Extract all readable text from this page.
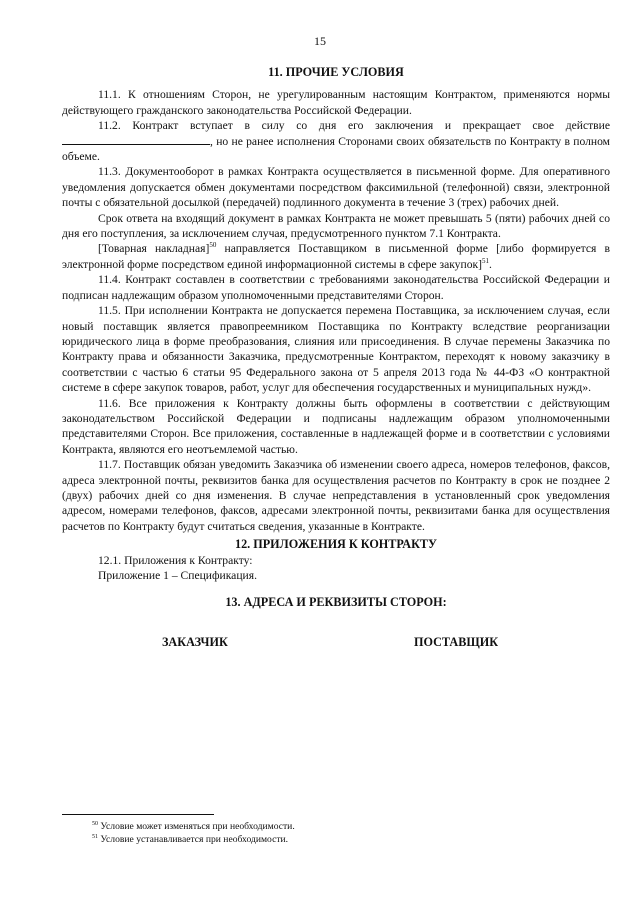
15
11. ПРОЧИЕ УСЛОВИЯ

11.1. К отношениям Сторон, не урегулированным настоящим Контрактом, применяются нормы действующего гражданского законодательства Российской Федерации.

11.2. Контракт вступает в силу со дня его заключения и прекращает свое действие , но не ранее исполнения Сторонами своих обязательств по Контракту в полном объеме.

11.3. Документооборот в рамках Контракта осуществляется в письменной форме. Для оперативного уведомления допускается обмен документами посредством факсимильной (телефонной) связи, электронной почты с обязательной досылкой (передачей) подлинного документа в течение 3 (трех) рабочих дней.

Срок ответа на входящий документ в рамках Контракта не может превышать 5 (пяти) рабочих дней со дня его поступления, за исключением случая, предусмотренного пунктом 7.1 Контракта.

[Товарная накладная]$^{50}$ направляется Поставщиком в письменной форме [либо формируется в электронной форме посредством единой информационной системы в сфере закупок]$^{51}$.

11.4. Контракт составлен в соответствии с требованиями законодательства Российской Федерации и подписан надлежащим образом уполномоченными представителями Сторон.

11.5. При исполнении Контракта не допускается перемена Поставщика, за исключением случая, если новый поставщик является правопреемником Поставщика по Контракту вследствие реорганизации юридического лица в форме преобразования, слияния или присоединения. В случае перемены Заказчика по Контракту права и обязанности Заказчика, предусмотренные Контрактом, переходят к новому заказчику в соответствии с частью 6 статьи 95 Федерального закона от 5 апреля 2013 года № 44-ФЗ «О контрактной системе в сфере закупок товаров, работ, услуг для обеспечения государственных и муниципальных нужд».

11.6. Все приложения к Контракту должны быть оформлены в соответствии с действующим законодательством Российской Федерации и подписаны надлежащим образом уполномоченными представителями Сторон. Все приложения, составленные в надлежащей форме и в соответствии с условиями Контракта, являются его неотъемлемой частью.

11.7. Поставщик обязан уведомить Заказчика об изменении своего адреса, номеров телефонов, факсов, адреса электронной почты, реквизитов банка для осуществления расчетов по Контракту в срок не позднее 2 (двух) рабочих дней со дня изменения. В случае непредставления в установленный срок уведомления адресом, номерами телефонов, факсов, адресами электронной почты, реквизитами банка для осуществления расчетов по Контракту будут считаться сведения, указанные в Контракте.

12. ПРИЛОЖЕНИЯ К КОНТРАКТУ

12.1. Приложения к Контракту:

Приложение 1 – Спецификация.

13. АДРЕСА И РЕКВИЗИТЫ СТОРОН:
ЗАКАЗЧИК	ПОСТАВЩИК
$^{50}$ Условие может изменяться при необходимости.
$^{51}$ Условие устанавливается при необходимости.
